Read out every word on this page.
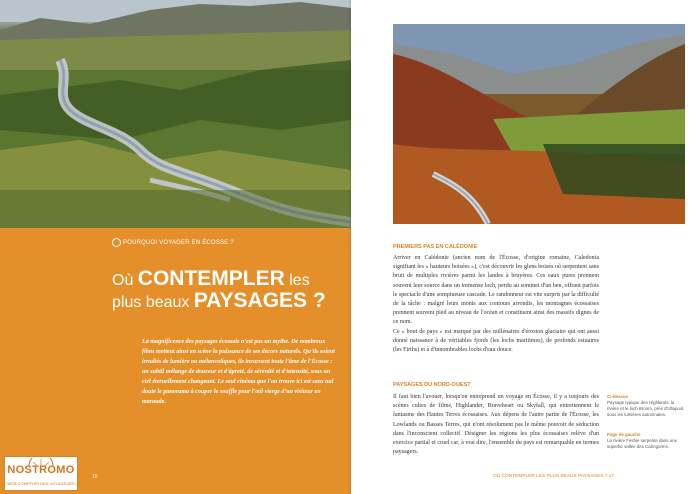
POURQUOI VOYAGER EN ÉCOSSE ?
Où CONTEMPLER les
plus beaux PAYSAGES ?
La magnificence des paysages écossais n'est pas un mythe. De nombreux films mettent ainsi en scène la puissance de ses décors naturels. Qu'ils soient irradiés de lumière ou mélancoliques, ils incarnent toute l'âme de l'Écosse : un subtil mélange de douceur et d'âpreté, de sérénité et d'intensité, sous un ciel éternellement changeant. Le seul cinéma que l'on trouve ici est sans nul doute le panorama à couper le souffle pour l'œil vierge d'un visiteur en maraude.
16
NOSTROMO
WEB COMPTOIR DES VOYAGEURS
PREMIERS PAS EN CALÉDONIE

Arriver en Calédonie (ancien nom de l'Écosse, d'origine romaine, Caledonia signifiant les « hauteurs boisées »), c'est découvrir les glens boisés où serpentent sans bruit de multiples rivières parmi les landes à bruyères. Ces eaux pures prennent souvent leur source dans un immense loch, perdu au sommet d'un ben, offrant parfois le spectacle d'une somptueuse cascade. Le randonneur est vite surpris par la difficulté de la tâche : malgré leurs monts aux contours arrondis, les montagnes écossaises prennent souvent pied au niveau de l'océan et constituent ainsi des massifs dignes de ce nom.

Ce « bout de pays » est marqué par des millénaires d'érosion glaciaire qui ont aussi donné naissance à de véritables fjords (les lochs maritimes), de profonds estuaires (les Firths) et à d'innombrables lochs d'eau douce.

PAYSAGES DU NORD-OUEST

Il faut bien l'avouer, lorsqu'on entreprend un voyage en Écosse, il y a toujours des scènes cultes de films, Highlander, Braveheart ou Skyfall, qui entretiennent le fantasme des Hautes Terres écossaises. Aux dépens de l'autre partie de l'Écosse, les Lowlands ou Basses Terres, qui n'ont résolument pas le même pouvoir de séduction dans l'inconscient collectif. Désigner les régions les plus écossaises relève d'un exercice partial et cruel car, à vrai dire, l'ensemble du pays est remarquable en termes paysagers.

Ci-dessus
Paysage typique des Highlands, la rivière et le loch Broom, près d'Ullapool, sous les lumières automnales.
Page de gauche
La rivière Feshie serpente dans une superbe vallée des Cairngorms.
OÙ CONTEMPLER LES PLUS BEAUX PAYSAGES ? 17
